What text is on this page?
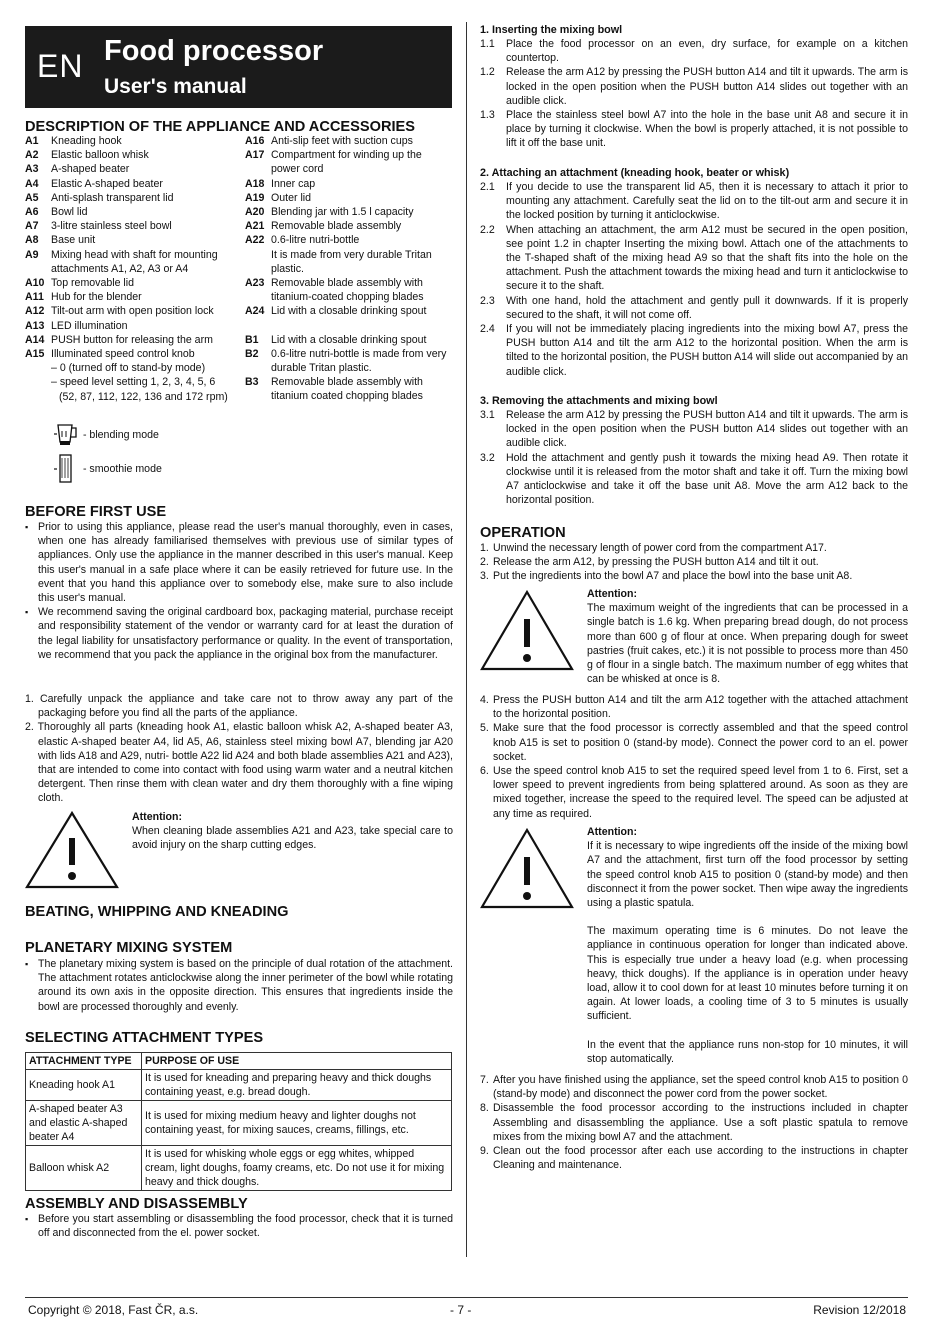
EN Food processor
User's manual
DESCRIPTION OF THE APPLIANCE AND ACCESSORIES
A1	Kneading hook
A2	Elastic balloon whisk
A3	A-shaped beater
A4	Elastic A-shaped beater
A5	Anti-splash transparent lid
A6	Bowl lid
A7	3-litre stainless steel bowl
A8	Base unit
A9	Mixing head with shaft for mounting attachments A1, A2, A3 or A4
A10 Top removable lid
A11 Hub for the blender
A12 Tilt-out arm with open position lock
A13 LED illumination
A14 PUSH button for releasing the arm
A15 Illuminated speed control knob
– 0 (turned off to stand-by mode)
– speed level setting 1, 2, 3, 4, 5, 6
(52, 87, 112, 122, 136 and 172 rpm)
A16 Anti-slip feet with suction cups
A17 Compartment for winding up the power cord
A18 Inner cap
A19 Outer lid
A20 Blending jar with 1.5 l capacity
A21 Removable blade assembly
A22 0.6-litre nutri-bottle
It is made from very durable Tritan plastic.
A23 Removable blade assembly with titanium-coated chopping blades
A24 Lid with a closable drinking spout
B1	Lid with a closable drinking spout
B2	0.6-litre nutri-bottle is made from very durable Tritan plastic.
B3	Removable blade assembly with titanium coated chopping blades
- blending mode
- smoothie mode
BEFORE FIRST USE
▪ Prior to using this appliance, please read the user's manual thoroughly, even in cases, when one has already familiarised themselves with previous use of similar types of appliances. Only use the appliance in the manner described in this user's manual. Keep this user's manual in a safe place where it can be easily retrieved for future use. In the event that you hand this appliance over to somebody else, make sure to also include this user's manual.
▪ We recommend saving the original cardboard box, packaging material, purchase receipt and responsibility statement of the vendor or warranty card for at least the duration of the legal liability for unsatisfactory performance or quality. In the event of transportation, we recommend that you pack the appliance in the original box from the manufacturer.
1. Carefully unpack the appliance and take care not to throw away any part of the packaging before you find all the parts of the appliance.
2. Thoroughly all parts (kneading hook A1, elastic balloon whisk A2, A-shaped beater A3, elastic A-shaped beater A4, lid A5, A6, stainless steel mixing bowl A7, blending jar A20 with lids A18 and A29, nutri- bottle A22 lid A24 and both blade assemblies A21 and A23), that are intended to come into contact with food using warm water and a neutral kitchen detergent. Then rinse them with clean water and dry them thoroughly with a fine wiping cloth.
Attention:
When cleaning blade assemblies A21 and A23, take special care to avoid injury on the sharp cutting edges.
BEATING, WHIPPING AND KNEADING
PLANETARY MIXING SYSTEM
▪ The planetary mixing system is based on the principle of dual rotation of the attachment. The attachment rotates anticlockwise along the inner perimeter of the bowl while rotating around its own axis in the opposite direction. This ensures that ingredients inside the bowl are processed thoroughly and evenly.
SELECTING ATTACHMENT TYPES
ATTACHMENT TYPE	PURPOSE OF USE
Kneading hook A1	It is used for kneading and preparing heavy and thick doughs containing yeast, e.g. bread dough.
A-shaped beater A3 and elastic A-shaped beater A4	It is used for mixing medium heavy and lighter doughs not containing yeast, for mixing sauces, creams, fillings, etc.
Balloon whisk A2	It is used for whisking whole eggs or egg whites, whipped cream, light doughs, foamy creams, etc. Do not use it for mixing heavy and thick doughs.
ASSEMBLY AND DISASSEMBLY
▪ Before you start assembling or disassembling the food processor, check that it is turned off and disconnected from the el. power socket.
1. Inserting the mixing bowl
1.1	Place the food processor on an even, dry surface, for example on a kitchen countertop.
1.2	Release the arm A12 by pressing the PUSH button A14 and tilt it upwards. The arm is locked in the open position when the PUSH button A14 slides out together with an audible click.
1.3	Place the stainless steel bowl A7 into the hole in the base unit A8 and secure it in place by turning it clockwise. When the bowl is properly attached, it is not possible to lift it off the base unit.
2. Attaching an attachment (kneading hook, beater or whisk)
2.1	If you decide to use the transparent lid A5, then it is necessary to attach it prior to mounting any attachment. Carefully seat the lid on to the tilt-out arm and secure it in the locked position by turning it anticlockwise.
2.2	When attaching an attachment, the arm A12 must be secured in the open position, see point 1.2 in chapter Inserting the mixing bowl. Attach one of the attachments to the T-shaped shaft of the mixing head A9 so that the shaft fits into the hole on the attachment. Push the attachment towards the mixing head and turn it anticlockwise to secure it to the shaft.
2.3	With one hand, hold the attachment and gently pull it downwards. If it is properly secured to the shaft, it will not come off.
2.4	If you will not be immediately placing ingredients into the mixing bowl A7, press the PUSH button A14 and tilt the arm A12 to the horizontal position. When the arm is tilted to the horizontal position, the PUSH button A14 will slide out accompanied by an audible click.
3. Removing the attachments and mixing bowl
3.1	Release the arm A12 by pressing the PUSH button A14 and tilt it upwards. The arm is locked in the open position when the PUSH button A14 slides out together with an audible click.
3.2	Hold the attachment and gently push it towards the mixing head A9. Then rotate it clockwise until it is released from the motor shaft and take it off. Turn the mixing bowl A7 anticlockwise and take it off the base unit A8. Move the arm A12 back to the horizontal position.
OPERATION
1. Unwind the necessary length of power cord from the compartment A17.
2. Release the arm A12, by pressing the PUSH button A14 and tilt it out.
3. Put the ingredients into the bowl A7 and place the bowl into the base unit A8.
Attention:
The maximum weight of the ingredients that can be processed in a single batch is 1.6 kg. When preparing bread dough, do not process more than 600 g of flour at once. When preparing dough for sweet pastries (fruit cakes, etc.) it is not possible to process more than 450 g of flour in a single batch. The maximum number of egg whites that can be whisked at once is 8.
4. Press the PUSH button A14 and tilt the arm A12 together with the attached attachment to the horizontal position.
5. Make sure that the food processor is correctly assembled and that the speed control knob A15 is set to position 0 (stand-by mode). Connect the power cord to an el. power socket.
6. Use the speed control knob A15 to set the required speed level from 1 to 6. First, set a lower speed to prevent ingredients from being splattered around. As soon as they are mixed together, increase the speed to the required level. The speed can be adjusted at any time as required.
Attention:

If it is necessary to wipe ingredients off the inside of the mixing bowl A7 and the attachment, first turn off the food processor by setting the speed control knob A15 to position 0 (stand-by mode) and then disconnect it from the power socket. Then wipe away the ingredients using a plastic spatula.

The maximum operating time is 6 minutes. Do not leave the appliance in continuous operation for longer than indicated above. This is especially true under a heavy load (e.g. when processing heavy, thick doughs). If the appliance is in operation under heavy load, allow it to cool down for at least 10 minutes before turning it on again. At lower loads, a cooling time of 3 to 5 minutes is usually sufficient.

In the event that the appliance runs non-stop for 10 minutes, it will stop automatically.

7. After you have finished using the appliance, set the speed control knob A15 to position 0 (stand-by mode) and disconnect the power cord from the power socket.
8. Disassemble the food processor according to the instructions included in chapter Assembling and disassembling the appliance. Use a soft plastic spatula to remove mixes from the mixing bowl A7 and the attachment.
9. Clean out the food processor after each use according to the instructions in chapter Cleaning and maintenance.
Copyright © 2018, Fast ČR, a.s.	- 7 -	Revision 12/2018
